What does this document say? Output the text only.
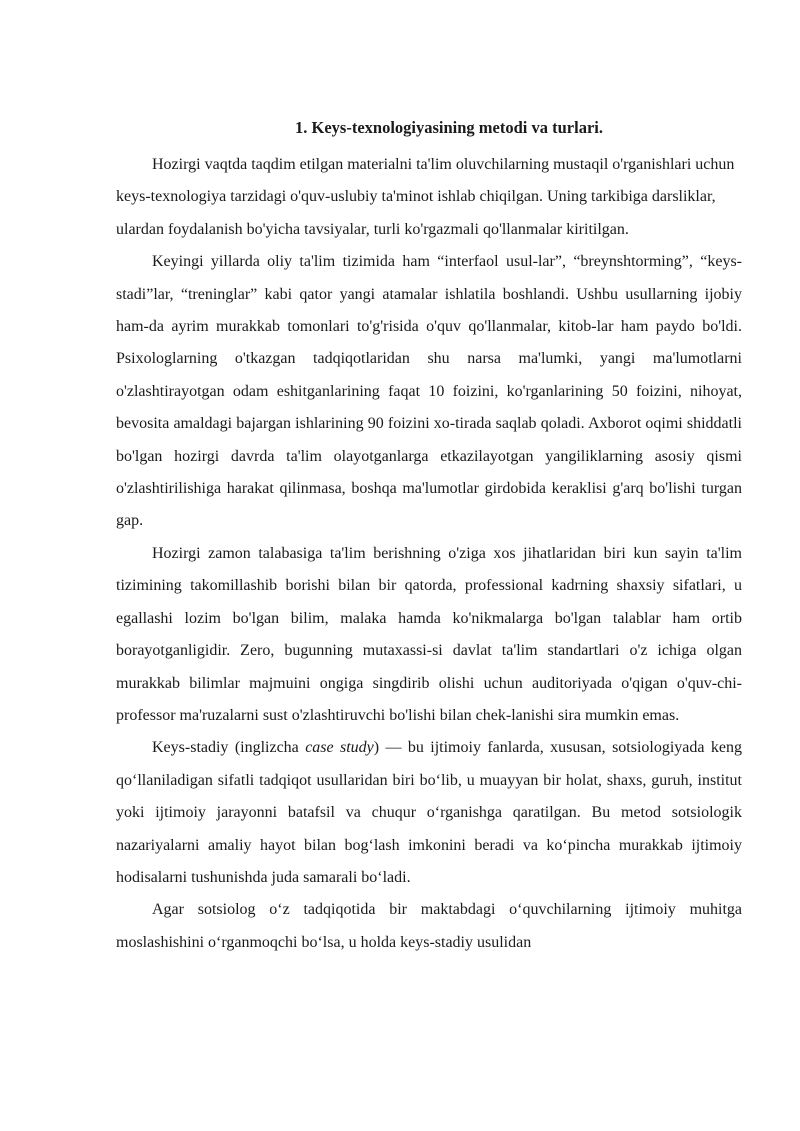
1. Keys-texnologiyasining metodi va turlari.

Hozirgi vaqtda taqdim etilgan materialni ta'lim oluvchilarning mustaqil o'rganishlari uchun keys-texnologiya tarzidagi o'quv-uslubiy ta'minot ishlab chiqilgan. Uning tarkibiga darsliklar, ulardan foydalanish bo'yicha tavsiyalar, turli ko'rgazmali qo'llanmalar kiritilgan.

Keyingi yillarda oliy ta'lim tizimida ham “interfaol usul-lar”, “breynshtorming”, “keys-stadi”lar, “treninglar” kabi qator yangi atamalar ishlatila boshlandi. Ushbu usullarning ijobiy ham-da ayrim murakkab tomonlari to'g'risida o'quv qo'llanmalar, kitob-lar ham paydo bo'ldi. Psixologlarning o'tkazgan tadqiqotlaridan shu narsa ma'lumki, yangi ma'lumotlarni o'zlashtirayotgan odam eshitganlarining faqat 10 foizini, ko'rganlarining 50 foizini, nihoyat, bevosita amaldagi bajargan ishlarining 90 foizini xo-tirada saqlab qoladi. Axborot oqimi shiddatli bo'lgan hozirgi davrda ta'lim olayotganlarga etkazilayotgan yangiliklarning asosiy qismi o'zlashtirilishiga harakat qilinmasa, boshqa ma'lumotlar girdobida keraklisi g'arq bo'lishi turgan gap.

Hozirgi zamon talabasiga ta'lim berishning o'ziga xos jihatlaridan biri kun sayin ta'lim tizimining takomillashib borishi bilan bir qatorda, professional kadrning shaxsiy sifatlari, u egallashi lozim bo'lgan bilim, malaka hamda ko'nikmalarga bo'lgan talablar ham ortib borayotganligidir. Zero, bugunning mutaxassi-si davlat ta'lim standartlari o'z ichiga olgan murakkab bilimlar majmuini ongiga singdirib olishi uchun auditoriyada o'qigan o'quv-chi-professor ma'ruzalarni sust o'zlashtiruvchi bo'lishi bilan chek-lanishi sira mumkin emas.

Keys-stadiy (inglizcha case study) — bu ijtimoiy fanlarda, xususan, sotsiologiyada keng qo‘llaniladigan sifatli tadqiqot usullaridan biri bo‘lib, u muayyan bir holat, shaxs, guruh, institut yoki ijtimoiy jarayonni batafsil va chuqur o‘rganishga qaratilgan. Bu metod sotsiologik nazariyalarni amaliy hayot bilan bog‘lash imkonini beradi va ko‘pincha murakkab ijtimoiy hodisalarni tushunishda juda samarali bo‘ladi.

Agar sotsiolog o‘z tadqiqotida bir maktabdagi o‘quvchilarning ijtimoiy muhitga moslashishini o‘rganmoqchi bo‘lsa, u holda keys-stadiy usulidan
